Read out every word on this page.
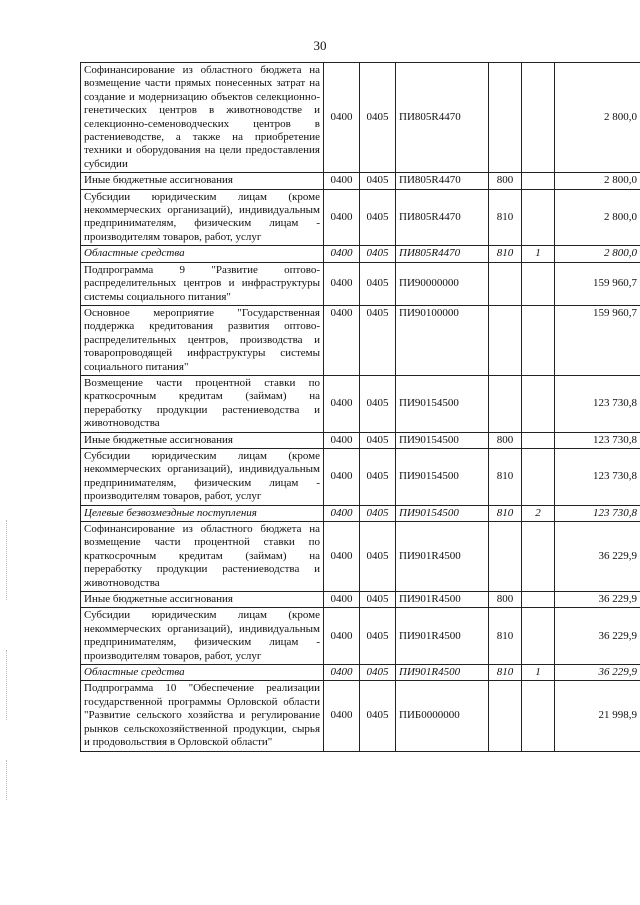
30
Софинансирование из областного бюджета на возмещение части прямых понесенных затрат на создание и модернизацию объектов селекционно-генетических центров в животноводстве и селекционно-семеноводческих центров в растениеводстве, а также на приобретение техники и оборудования на цели предоставления субсидии	0400	0405	ПИ805R4470			2 800,0
Иные бюджетные ассигнования	0400	0405	ПИ805R4470	800		2 800,0
Субсидии юридическим лицам (кроме некоммерческих организаций), индивидуальным предпринимателям, физическим лицам - производителям товаров, работ, услуг	0400	0405	ПИ805R4470	810		2 800,0
Областные средства	0400	0405	ПИ805R4470	810	1	2 800,0
Подпрограмма 9 "Развитие оптово-распределительных центров и инфраструктуры системы социального питания"	0400	0405	ПИ90000000			159 960,7
Основное мероприятие "Государственная поддержка кредитования развития оптово-распределительных центров, производства и товаропроводящей инфраструктуры системы социального питания"	0400	0405	ПИ90100000			159 960,7
Возмещение части процентной ставки по краткосрочным кредитам (займам) на переработку продукции растениеводства и животноводства	0400	0405	ПИ90154500			123 730,8
Иные бюджетные ассигнования	0400	0405	ПИ90154500	800		123 730,8
Субсидии юридическим лицам (кроме некоммерческих организаций), индивидуальным предпринимателям, физическим лицам - производителям товаров, работ, услуг	0400	0405	ПИ90154500	810		123 730,8
Целевые безвозмездные поступления	0400	0405	ПИ90154500	810	2	123 730,8
Софинансирование из областного бюджета на возмещение части процентной ставки по краткосрочным кредитам (займам) на переработку продукции растениеводства и животноводства	0400	0405	ПИ901R4500			36 229,9
Иные бюджетные ассигнования	0400	0405	ПИ901R4500	800		36 229,9
Субсидии юридическим лицам (кроме некоммерческих организаций), индивидуальным предпринимателям, физическим лицам - производителям товаров, работ, услуг	0400	0405	ПИ901R4500	810		36 229,9
Областные средства	0400	0405	ПИ901R4500	810	1	36 229,9
Подпрограмма 10 "Обеспечение реализации государственной программы Орловской области "Развитие сельского хозяйства и регулирование рынков сельскохозяйственной продукции, сырья и продовольствия в Орловской области"	0400	0405	ПИБ0000000			21 998,9
